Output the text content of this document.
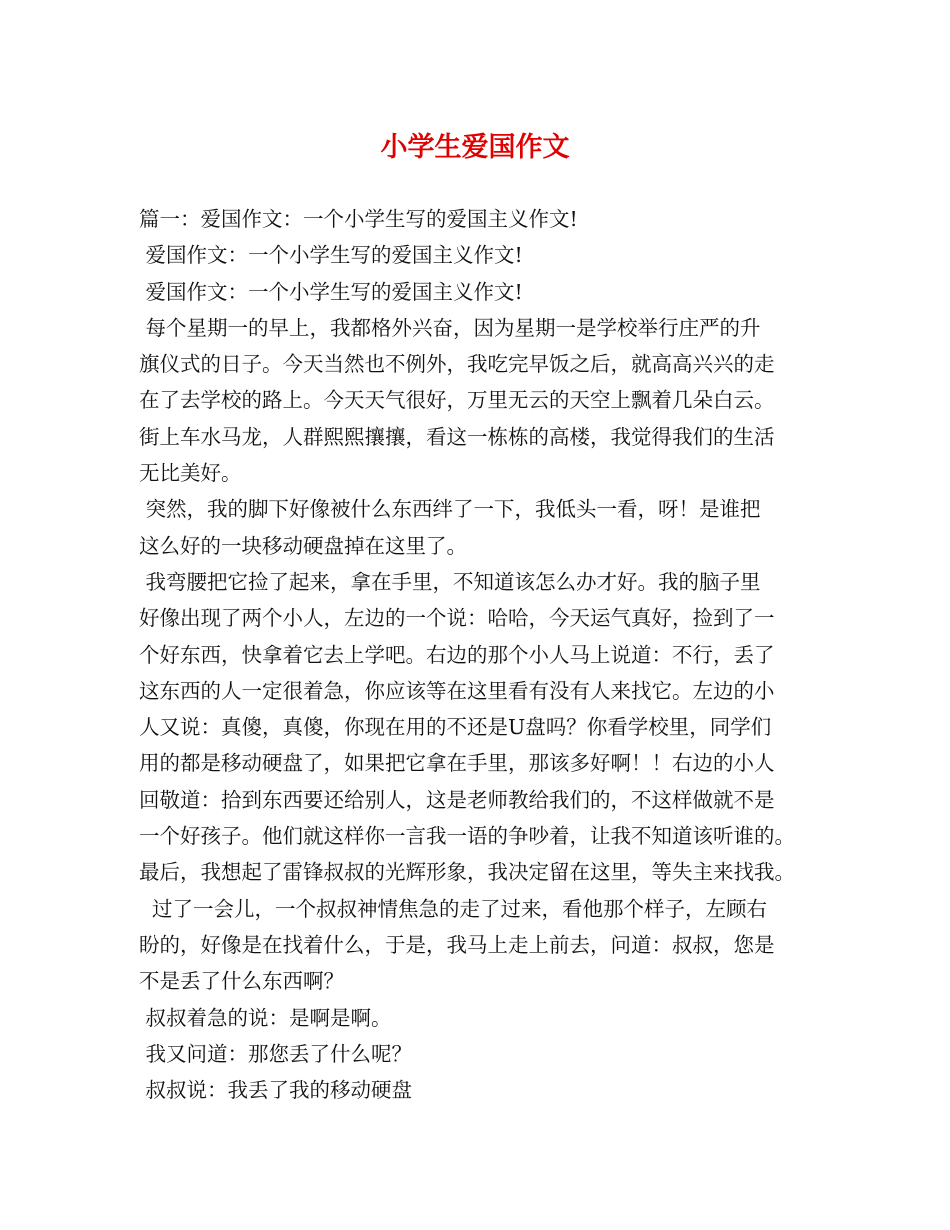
小学生爱国作文
篇一：爱国作文：一个小学生写的爱国主义作文!
爱国作文：一个小学生写的爱国主义作文!
爱国作文：一个小学生写的爱国主义作文!
每个星期一的早上，我都格外兴奋，因为星期一是学校举行庄严的升
旗仪式的日子。今天当然也不例外，我吃完早饭之后，就高高兴兴的走
在了去学校的路上。今天天气很好，万里无云的天空上飘着几朵白云。
街上车水马龙，人群熙熙攘攘，看这一栋栋的高楼，我觉得我们的生活
无比美好。
突然，我的脚下好像被什么东西绊了一下，我低头一看，呀！是谁把
这么好的一块移动硬盘掉在这里了。
我弯腰把它捡了起来，拿在手里，不知道该怎么办才好。我的脑子里
好像出现了两个小人，左边的一个说：哈哈，今天运气真好，捡到了一
个好东西，快拿着它去上学吧。右边的那个小人马上说道：不行，丢了
这东西的人一定很着急，你应该等在这里看有没有人来找它。左边的小
人又说：真傻，真傻，你现在用的不还是U盘吗？你看学校里，同学们
用的都是移动硬盘了，如果把它拿在手里，那该多好啊！！右边的小人
回敬道：拾到东西要还给别人，这是老师教给我们的，不这样做就不是
一个好孩子。他们就这样你一言我一语的争吵着，让我不知道该听谁的。
最后，我想起了雷锋叔叔的光辉形象，我决定留在这里，等失主来找我。
过了一会儿，一个叔叔神情焦急的走了过来，看他那个样子，左顾右
盼的，好像是在找着什么，于是，我马上走上前去，问道：叔叔，您是
不是丢了什么东西啊？
叔叔着急的说：是啊是啊。
我又问道：那您丢了什么呢？
叔叔说：我丢了我的移动硬盘
